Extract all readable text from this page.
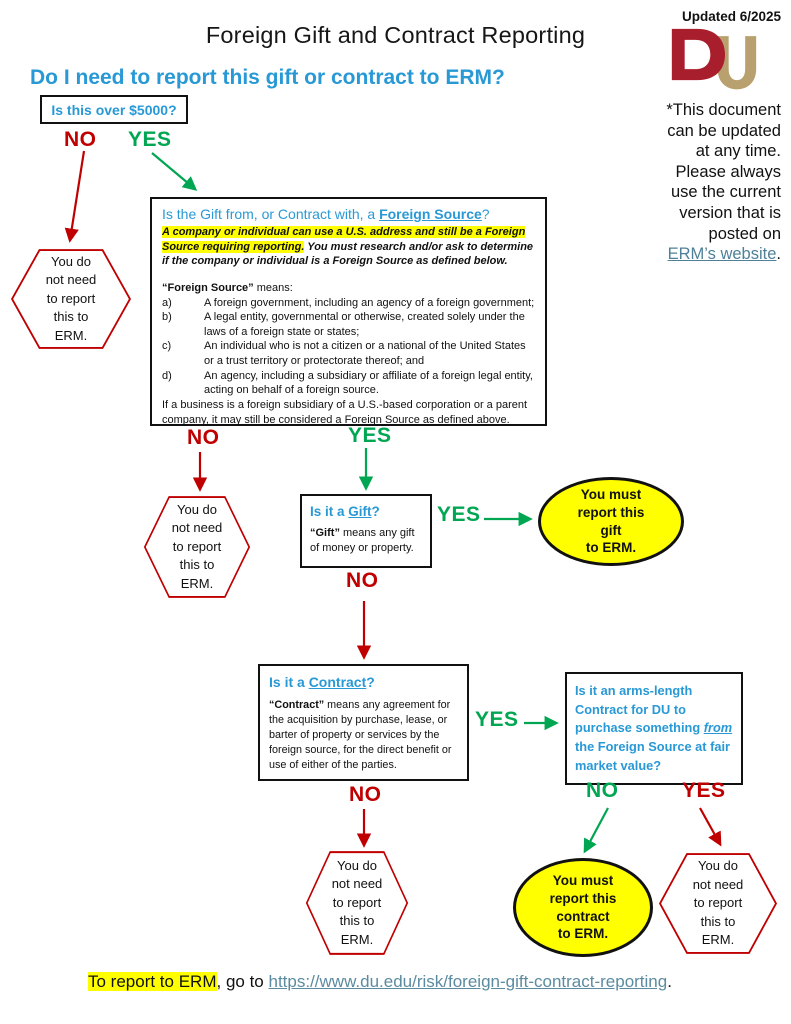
Updated 6/2025
Foreign Gift and Contract Reporting
Do I need to report this gift or contract to ERM?
*This document
can be updated
at any time.
Please always
use the current
version that is
posted on
ERM’s website.
Is this over $5000?
NO YES
You do
not need
to report
this to
ERM.
Is the Gift from, or Contract with, a Foreign Source?
A company or individual can use a U.S. address and still be a Foreign Source requiring reporting. You must research and/or ask to determine if the company or individual is a Foreign Source as defined below.
“Foreign Source” means:
a)	A foreign government, including an agency of a foreign government;
b)	A legal entity, governmental or otherwise, created solely under the laws of a foreign state or states;
c)	An individual who is not a citizen or a national of the United States or a trust territory or protectorate thereof; and
d)	An agency, including a subsidiary or affiliate of a foreign legal entity, acting on behalf of a foreign source.
If a business is a foreign subsidiary of a U.S.-based corporation or a parent company, it may still be considered a Foreign Source as defined above.
NO	YES
You do
not need
to report
this to
ERM.
Is it a Gift?
“Gift” means any gift of money or property.
YES
NO
You must
report this
gift
to ERM.
Is it a Contract?
“Contract” means any agreement for the acquisition by purchase, lease, or barter of property or services by the foreign source, for the direct benefit or use of either of the parties.
YES
NO
Is it an arms-length Contract for DU to purchase something from the Foreign Source at fair market value?
NO	YES
You do
not need
to report
this to
ERM.
You must
report this
contract
to ERM.
You do
not need
to report
this to
ERM.
To report to ERM, go to https://www.du.edu/risk/foreign-gift-contract-reporting.
